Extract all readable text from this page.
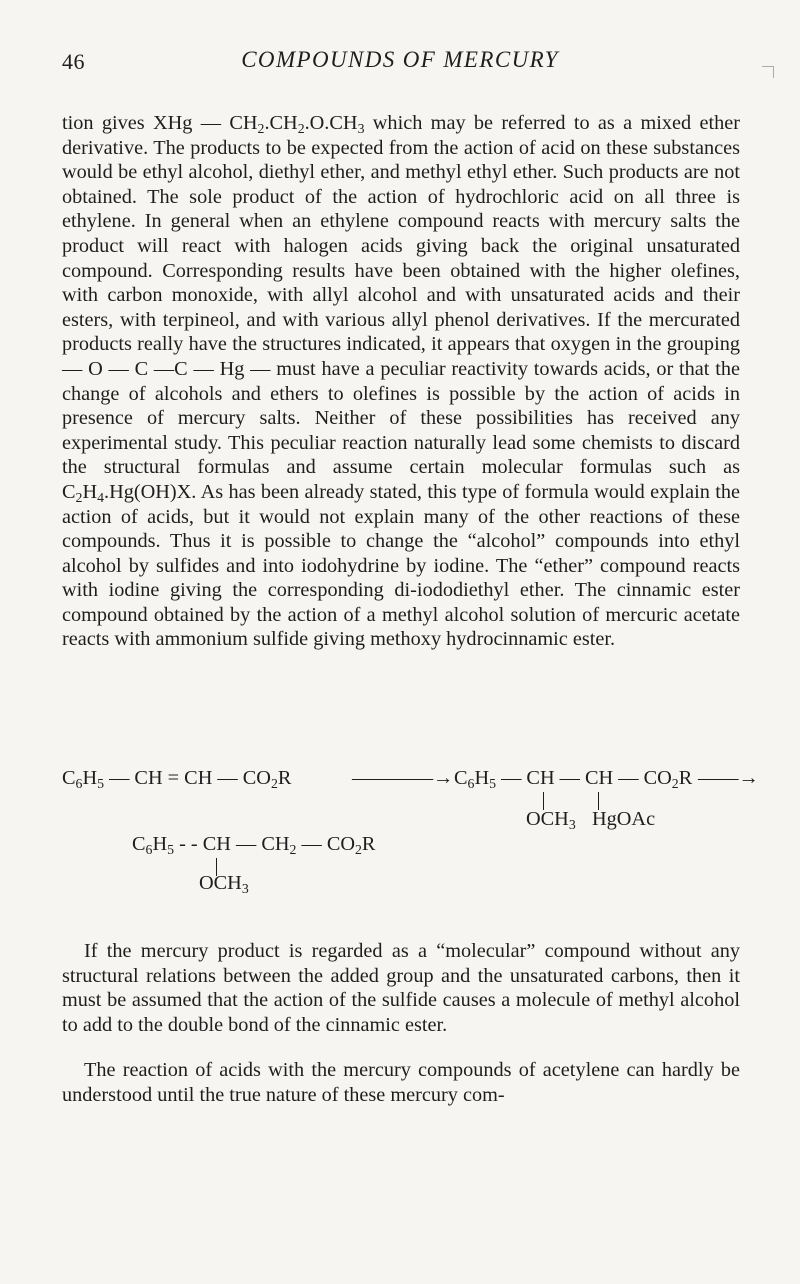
46	COMPOUNDS OF MERCURY

tion gives XHg — $CH_2.CH_2.O.CH_3$ which may be referred to as a mixed ether derivative. The products to be expected from the action of acid on these substances would be ethyl alcohol, diethyl ether, and methyl ethyl ether. Such products are not obtained. The sole product of the action of hydrochloric acid on all three is ethylene. In general when an ethylene compound reacts with mercury salts the product will react with halogen acids giving back the original unsaturated compound. Corresponding results have been obtained with the higher olefines, with carbon monoxide, with allyl alcohol and with unsaturated acids and their esters, with terpineol, and with various allyl phenol derivatives. If the mercurated products really have the structures indicated, it appears that oxygen in the grouping — O — C —C — Hg — must have a peculiar reactivity towards acids, or that the change of alcohols and ethers to olefines is possible by the action of acids in presence of mercury salts. Neither of these possibilities has received any experimental study. This peculiar reaction naturally lead some chemists to discard the structural formulas and assume certain molecular formulas such as $C_2H_4.Hg(OH)X$. As has been already stated, this type of formula would explain the action of acids, but it would not explain many of the other reactions of these compounds. Thus it is possible to change the “alcohol” compounds into ethyl alcohol by sulfides and into iodohydrine by iodine. The “ether” compound reacts with iodine giving the corresponding di-iododiethyl ether. The cinnamic ester compound obtained by the action of a methyl alcohol solution of mercuric acetate reacts with ammonium sulfide giving methoxy hydrocinnamic ester.

$C_6H_5$ — CH = CH — $CO_2R$	————→ $C_6H_5$ — CH — CH — $CO_2R$ ——→
$OCH_3$ HgOAc
$C_6H_5$ - - CH — $CH_2$ — $CO_2R$
$OCH_3$

If the mercury product is regarded as a “molecular” compound without any structural relations between the added group and the unsaturated carbons, then it must be assumed that the action of the sulfide causes a molecule of methyl alcohol to add to the double bond of the cinnamic ester.

The reaction of acids with the mercury compounds of acetylene can hardly be understood until the true nature of these mercury com-
